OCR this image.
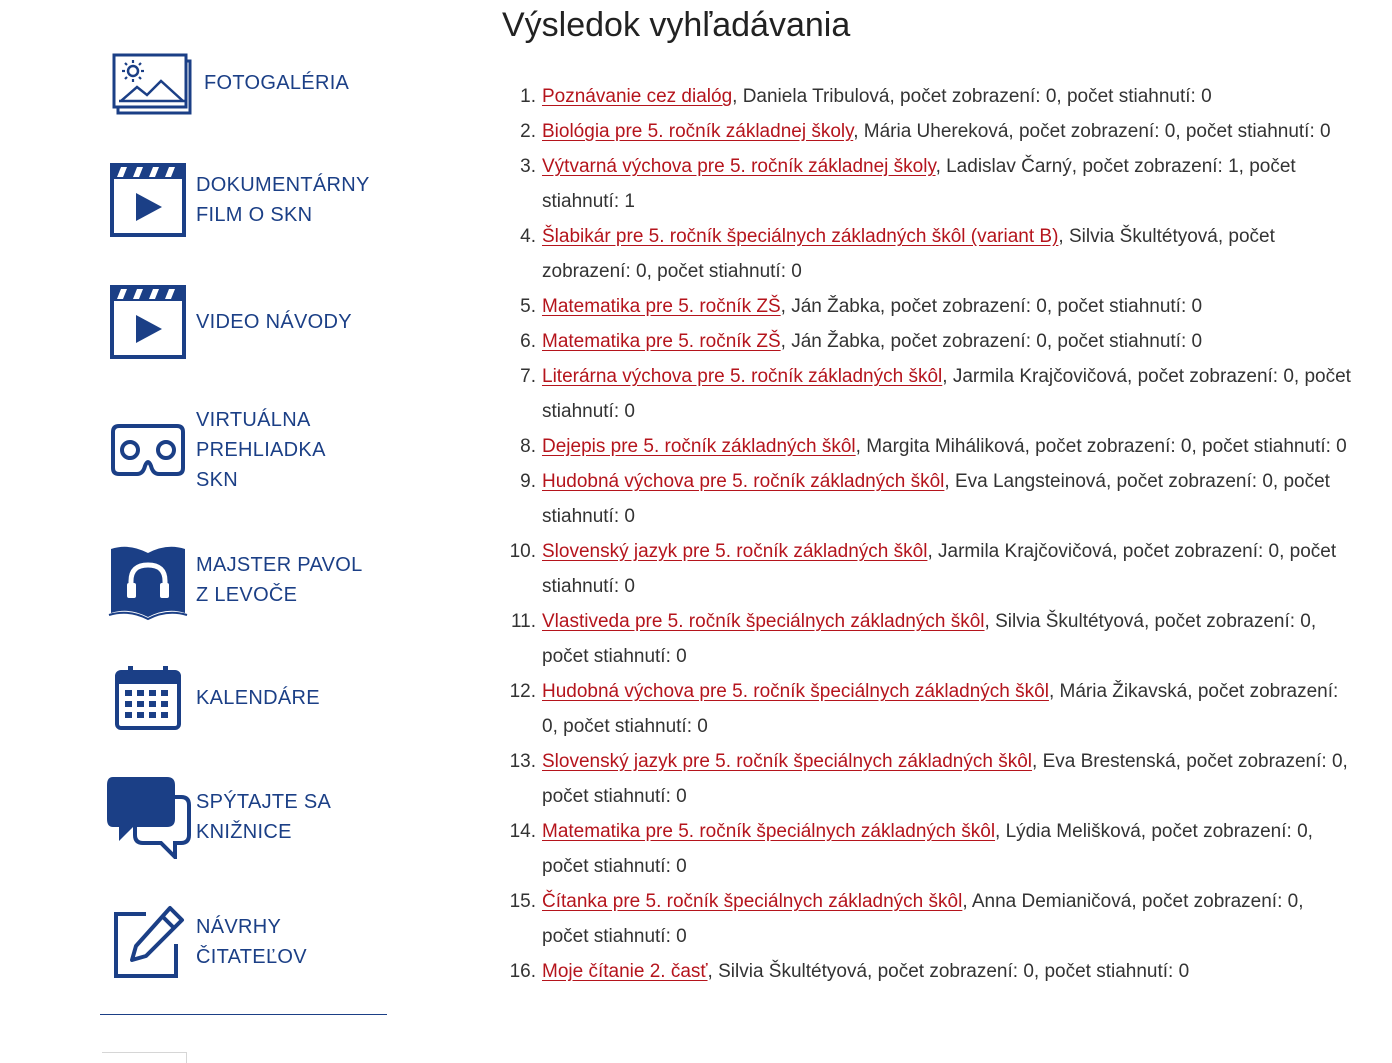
FOTOGALÉRIA
DOKUMENTÁRNY
FILM O SKN
VIDEO NÁVODY
VIRTUÁLNA
PREHLIADKA
SKN
MAJSTER PAVOL
Z LEVOČE
KALENDÁRE
SPÝTAJTE SA
KNIŽNICE
NÁVRHY
ČITATEĽOV
Výsledok vyhľadávania
1. Poznávanie cez dialóg, Daniela Tribulová, počet zobrazení: 0, počet stiahnutí: 0
2. Biológia pre 5. ročník základnej školy, Mária Uhereková, počet zobrazení: 0, počet stiahnutí: 0
3. Výtvarná výchova pre 5. ročník základnej školy, Ladislav Čarný, počet zobrazení: 1, počet stiahnutí: 1
4. Šlabikár pre 5. ročník špeciálnych základných škôl (variant B), Silvia Škultétyová, počet zobrazení: 0, počet stiahnutí: 0
5. Matematika pre 5. ročník ZŠ, Ján Žabka, počet zobrazení: 0, počet stiahnutí: 0
6. Matematika pre 5. ročník ZŠ, Ján Žabka, počet zobrazení: 0, počet stiahnutí: 0
7. Literárna výchova pre 5. ročník základných škôl, Jarmila Krajčovičová, počet zobrazení: 0, počet stiahnutí: 0
8. Dejepis pre 5. ročník základných škôl, Margita Miháliková, počet zobrazení: 0, počet stiahnutí: 0
9. Hudobná výchova pre 5. ročník základných škôl, Eva Langsteinová, počet zobrazení: 0, počet stiahnutí: 0
10. Slovenský jazyk pre 5. ročník základných škôl, Jarmila Krajčovičová, počet zobrazení: 0, počet stiahnutí: 0
11. Vlastiveda pre 5. ročník špeciálnych základných škôl, Silvia Škultétyová, počet zobrazení: 0, počet stiahnutí: 0
12. Hudobná výchova pre 5. ročník špeciálnych základných škôl, Mária Žikavská, počet zobrazení: 0, počet stiahnutí: 0
13. Slovenský jazyk pre 5. ročník špeciálnych základných škôl, Eva Brestenská, počet zobrazení: 0, počet stiahnutí: 0
14. Matematika pre 5. ročník špeciálnych základných škôl, Lýdia Melišková, počet zobrazení: 0, počet stiahnutí: 0
15. Čítanka pre 5. ročník špeciálnych základných škôl, Anna Demianičová, počet zobrazení: 0, počet stiahnutí: 0
16. Moje čítanie 2. časť, Silvia Škultétyová, počet zobrazení: 0, počet stiahnutí: 0
